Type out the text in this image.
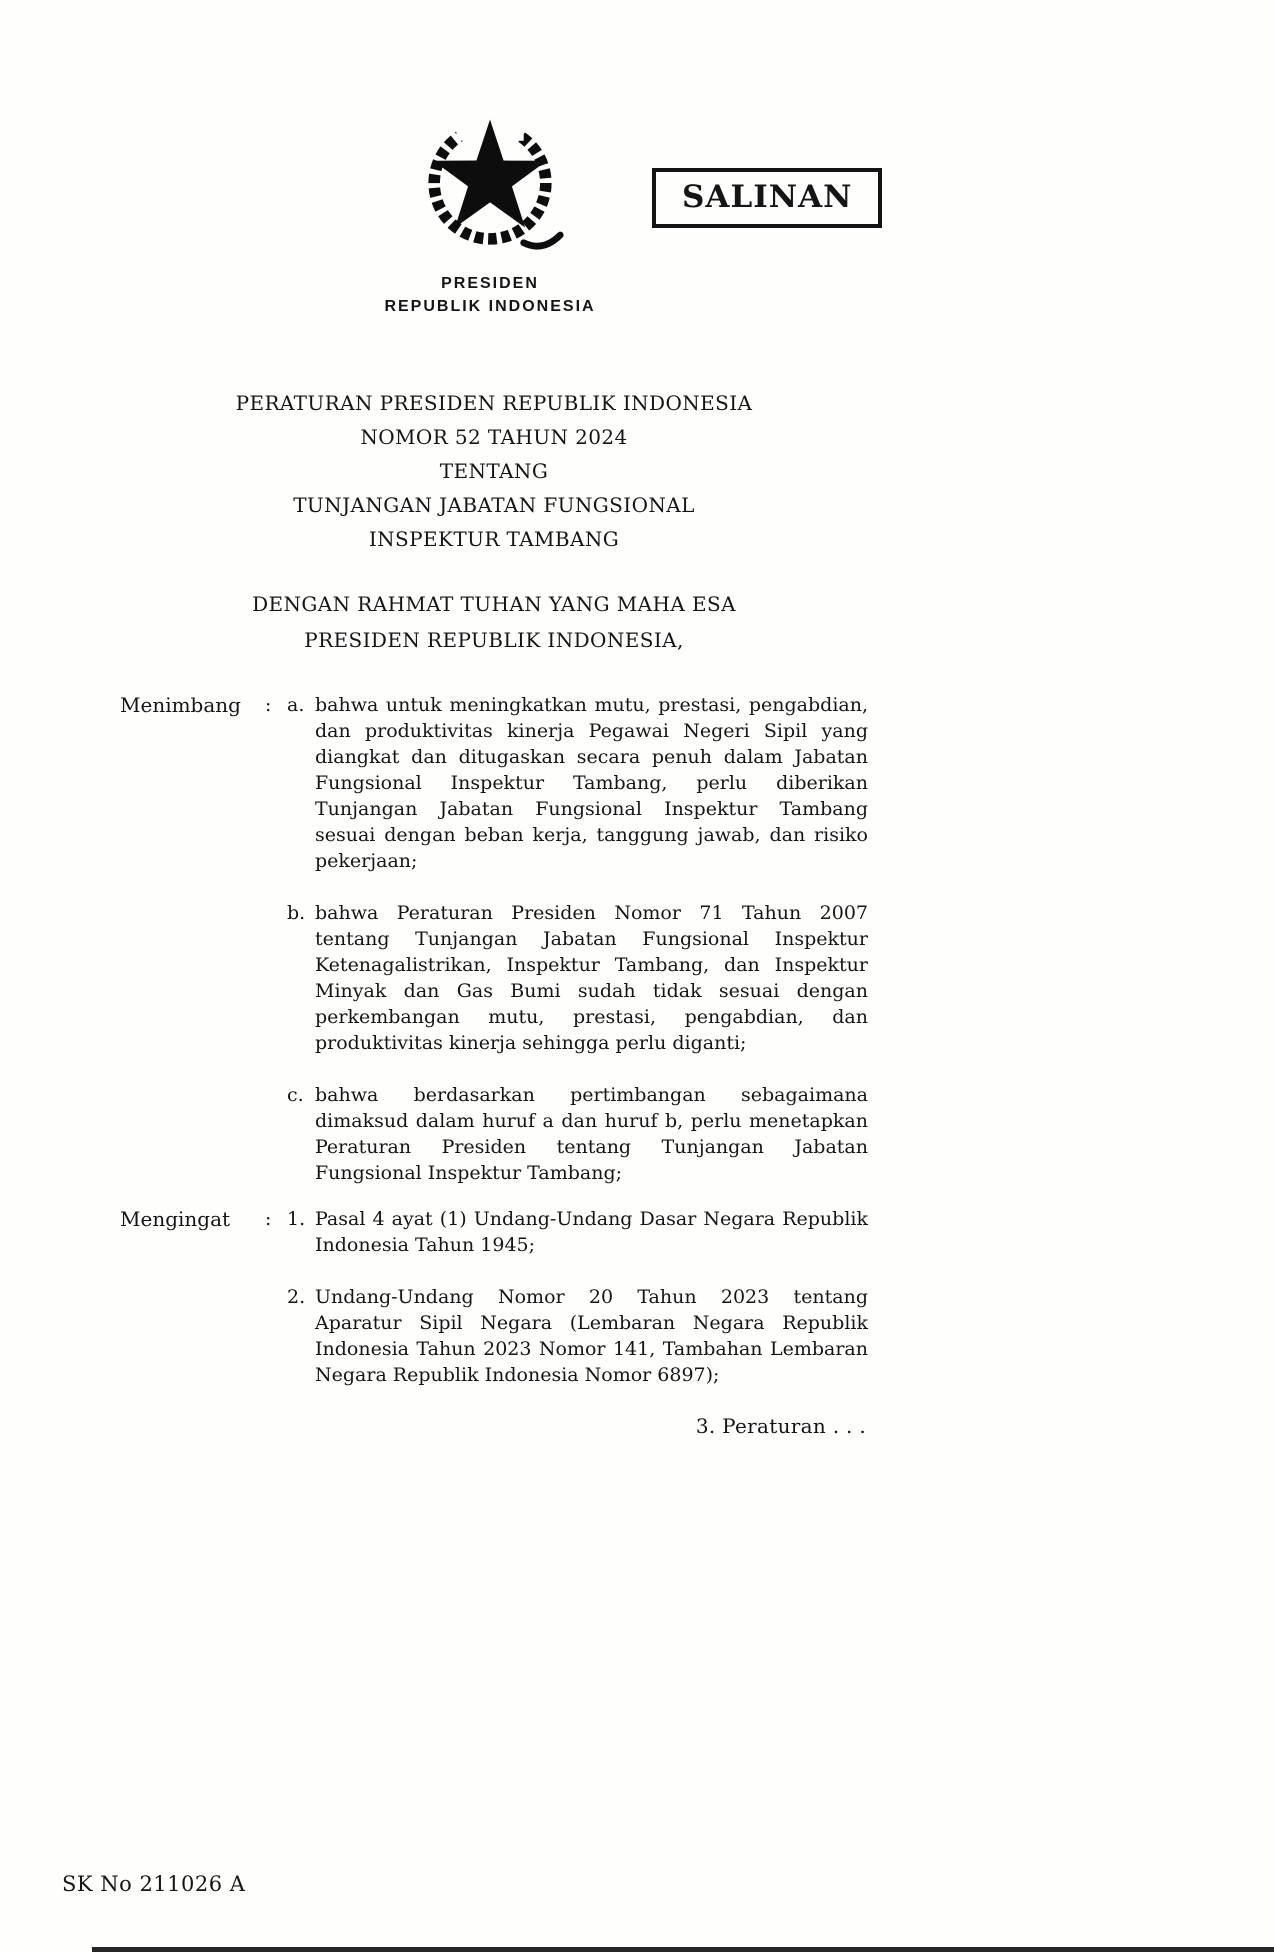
SALINAN
PRESIDEN
REPUBLIK INDONESIA
PERATURAN PRESIDEN REPUBLIK INDONESIA
NOMOR 52 TAHUN 2024
TENTANG
TUNJANGAN JABATAN FUNGSIONAL
INSPEKTUR TAMBANG
DENGAN RAHMAT TUHAN YANG MAHA ESA
PRESIDEN REPUBLIK INDONESIA,
Menimbang	: a. bahwa untuk meningkatkan mutu, prestasi, pengabdian, dan produktivitas kinerja Pegawai Negeri Sipil yang diangkat dan ditugaskan secara penuh dalam Jabatan Fungsional Inspektur Tambang, perlu diberikan Tunjangan Jabatan Fungsional Inspektur Tambang sesuai dengan beban kerja, tanggung jawab, dan risiko pekerjaan;
b. bahwa Peraturan Presiden Nomor 71 Tahun 2007 tentang Tunjangan Jabatan Fungsional Inspektur Ketenagalistrikan, Inspektur Tambang, dan Inspektur Minyak dan Gas Bumi sudah tidak sesuai dengan perkembangan mutu, prestasi, pengabdian, dan produktivitas kinerja sehingga perlu diganti;
c. bahwa berdasarkan pertimbangan sebagaimana dimaksud dalam huruf a dan huruf b, perlu menetapkan Peraturan Presiden tentang Tunjangan Jabatan Fungsional Inspektur Tambang;
Mengingat	: 1. Pasal 4 ayat (1) Undang-Undang Dasar Negara Republik Indonesia Tahun 1945;
2. Undang-Undang Nomor 20 Tahun 2023 tentang Aparatur Sipil Negara (Lembaran Negara Republik Indonesia Tahun 2023 Nomor 141, Tambahan Lembaran Negara Republik Indonesia Nomor 6897);
3. Peraturan . . .
SK No 211026 A
